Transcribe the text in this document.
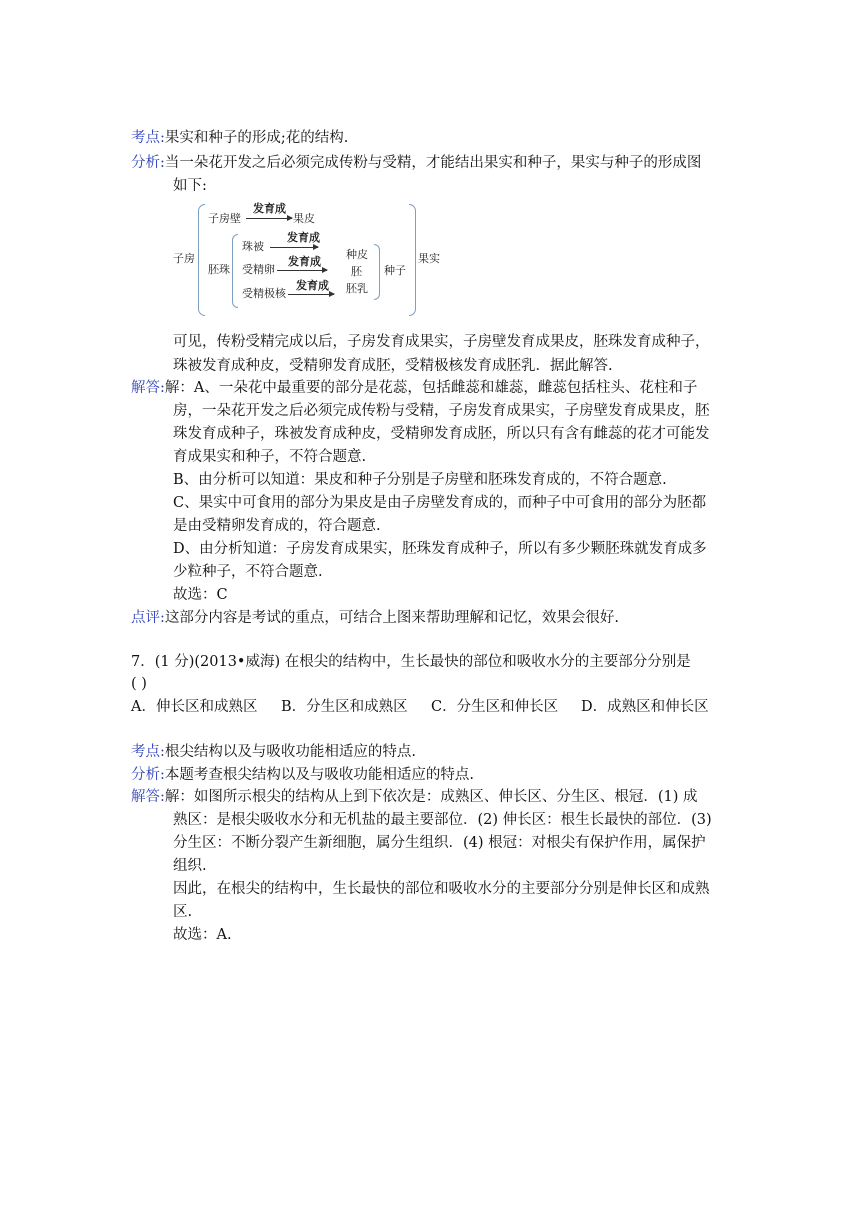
考点:果实和种子的形成;花的结构.
分析:当一朵花开发之后必须完成传粉与受精，才能结出果实和种子，果实与种子的形成图
如下:
子房
子房壁
发育成
果皮
胚珠
珠被
发育成
受精卵
发育成
受精极核
发育成
种皮
胚
胚乳
种子
果实
可见，传粉受精完成以后，子房发育成果实，子房壁发育成果皮，胚珠发育成种子，
珠被发育成种皮，受精卵发育成胚，受精极核发育成胚乳．据此解答.
解答:解：A、一朵花中最重要的部分是花蕊，包括雌蕊和雄蕊，雌蕊包括柱头、花柱和子
房，一朵花开发之后必须完成传粉与受精，子房发育成果实，子房壁发育成果皮，胚
珠发育成种子，珠被发育成种皮，受精卵发育成胚，所以只有含有雌蕊的花才可能发
育成果实和种子，不符合题意.
B、由分析可以知道：果皮和种子分别是子房壁和胚珠发育成的，不符合题意.
C、果实中可食用的部分为果皮是由子房壁发育成的，而种子中可食用的部分为胚都
是由受精卵发育成的，符合题意.
D、由分析知道：子房发育成果实，胚珠发育成种子，所以有多少颗胚珠就发育成多
少粒种子，不符合题意.
故选：C
点评:这部分内容是考试的重点，可结合上图来帮助理解和记忆，效果会很好.
7．(1 分)(2013•威海) 在根尖的结构中，生长最快的部位和吸收水分的主要部分分别是
( )
A．伸长区和成熟区 B．分生区和成熟区 C．分生区和伸长区 D．成熟区和伸长区
考点:根尖结构以及与吸收功能相适应的特点.
分析:本题考查根尖结构以及与吸收功能相适应的特点.
解答:解：如图所示根尖的结构从上到下依次是：成熟区、伸长区、分生区、根冠．(1) 成
熟区：是根尖吸收水分和无机盐的最主要部位．(2) 伸长区：根生长最快的部位．(3)
分生区：不断分裂产生新细胞，属分生组织．(4) 根冠：对根尖有保护作用，属保护
组织.
因此，在根尖的结构中，生长最快的部位和吸收水分的主要部分分别是伸长区和成熟
区.
故选：A.
